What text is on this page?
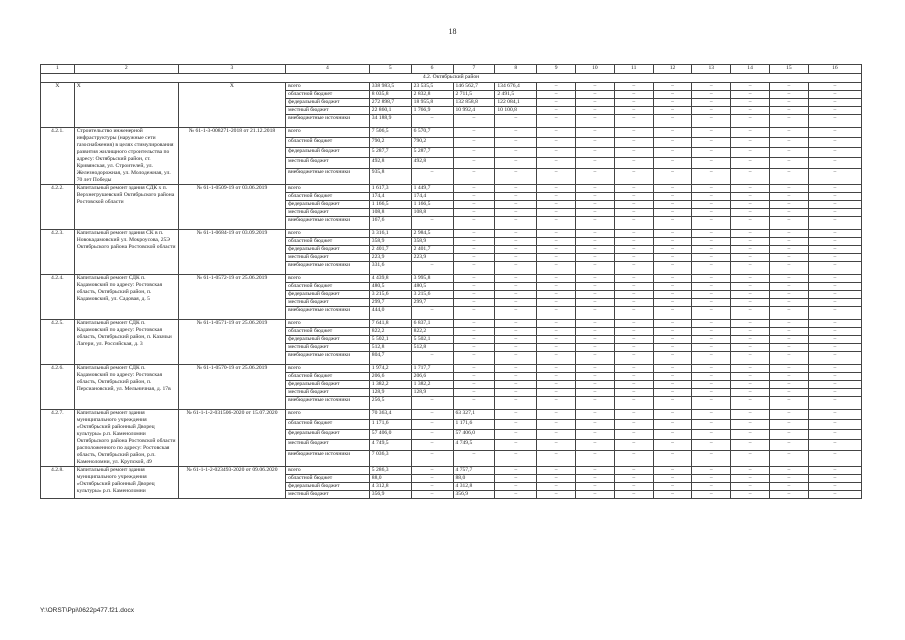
18
1	2	3	4	5	6	7	8	9	10	11	12	13	14	15	16
4.2. Октябрьский район															
Х	Х	Х	всего	338 983,5	23 535,5	146 562,7	134 676,4	–	–	–	–	–	–	–	–
			областной бюджет	8 035,8	2 832,8	2 711,5	2 491,5	–	–	–	–	–	–	–	–
			федеральный бюджет	272 898,7	18 955,8	132 858,8	122 084,1	–	–	–	–	–	–	–	–
			местный бюджет	22 860,1	1 766,9	10 992,4	10 100,8	–	–	–	–	–	–	–	–
			внебюджетные источники	34 188,9	–	–	–	–	–	–	–	–	–	–	–
4.2.1.	Строительство инженерной инфраструктуры (наружные сети газоснабжения) в целях стимулирования развития жилищного строительства по адресу: Октябрьский район, ст. Кривянская, ул. Строителей, ул. Железнодорожная, ул. Молодежная, ул. 70 лет Победы	№ 61-1-3-008271-2018 от 21.12.2018	всего	7 506,5	6 570,7	–	–	–	–	–	–	–	–	–	–
			областной бюджет	790,2	790,2	–	–	–	–	–	–	–	–	–	–
			федеральный бюджет	5 287,7	5 287,7	–	–	–	–	–	–	–	–	–	–
			местный бюджет	492,8	492,8	–	–	–	–	–	–	–	–	–	–
			внебюджетные источники	935,8	–	–	–	–	–	–	–	–	–	–	–
4.2.2.	Капитальный ремонт здания СДК х п. Верхнегрушевский Октябрьского района Ростовской области	№ 61-1-0509-19 от 03.06.2019	всего	1 617,3	1 449,7	–	–	–	–	–	–	–	–	–	–
			областной бюджет	174,4	174,4	–	–	–	–	–	–	–	–	–	–
			федеральный бюджет	1 166,5	1 166,5	–	–	–	–	–	–	–	–	–	–
			местный бюджет	108,8	108,8	–	–	–	–	–	–	–	–	–	–
			внебюджетные источники	167,6	–	–	–	–	–	–	–	–	–	–	–
4.2.3.	Капитальный ремонт здания СК в п. Новокадамовский ул. Мокроусова, 25Э Октябрьского района Ростовской области	№ 61-1-0684-19 от 03.09.2019	всего	3 316,1	2 984,5	–	–	–	–	–	–	–	–	–	–
			областной бюджет	358,9	358,9	–	–	–	–	–	–	–	–	–	–
			федеральный бюджет	2 401,7	2 401,7	–	–	–	–	–	–	–	–	–	–
			местный бюджет	223,9	223,9	–	–	–	–	–	–	–	–	–	–
			внебюджетные источники	331,6	–	–	–	–	–	–	–	–	–	–	–
4.2.4.	Капитальный ремонт СДК п. Кадамовский по адресу: Ростовская область, Октябрьский район, п. Кадамовский, ул. Садовая, д. 5	№ 61-1-0572-19 от 25.06.2019	всего	4 439,8	3 995,8	–	–	–	–	–	–	–	–	–	–
			областной бюджет	480,5	480,5	–	–	–	–	–	–	–	–	–	–
			федеральный бюджет	3 215,6	3 215,6	–	–	–	–	–	–	–	–	–	–
			местный бюджет	299,7	299,7	–	–	–	–	–	–	–	–	–	–
			внебюджетные источники	444,0	–	–	–	–	–	–	–	–	–	–	–
4.2.5.	Капитальный ремонт СДК п. Кадамовский по адресу: Ростовская область, Октябрьский район, п. Казачьи Лагери, ул. Российская, д. 3	№ 61-1-0571-19 от 25.06.2019	всего	7 641,8	6 837,1	–	–	–	–	–	–	–	–	–	–
			областной бюджет	822,2	822,2	–	–	–	–	–	–	–	–	–	–
			федеральный бюджет	5 502,1	5 502,1	–	–	–	–	–	–	–	–	–	–
			местный бюджет	512,8	512,8	–	–	–	–	–	–	–	–	–	–
			внебюджетные источники	804,7	–	–	–	–	–	–	–	–	–	–	–
4.2.6.	Капитальный ремонт СДК п. Кадамовский по адресу: Ростовская область, Октябрьский район, п. Персиановский, ул. Мельничная, д. 17в	№ 61-1-0570-19 от 25.06.2019	всего	1 974,2	1 717,7	–	–	–	–	–	–	–	–	–	–
			областной бюджет	206,6	206,6	–	–	–	–	–	–	–	–	–	–
			федеральный бюджет	1 382,2	1 382,2	–	–	–	–	–	–	–	–	–	–
			местный бюджет	128,9	128,9	–	–	–	–	–	–	–	–	–	–
			внебюджетные источники	256,5	–	–	–	–	–	–	–	–	–	–	–
4.2.7.	Капитальный ремонт здания муниципального учреждения «Октябрьский районный Дворец культуры» р.п. Каменоломни Октябрьского района Ростовской области расположенного по адресу: Ростовская область, Октябрьский район, р.п. Каменоломни, ул. Крупской, 49	№ 61-1-1-2-031506-2020 от 15.07.2020	всего	70 363,4	–	63 327,1	–	–	–	–	–	–	–	–	–
			областной бюджет	1 171,6	–	1 171,6	–	–	–	–	–	–	–	–	–
			федеральный бюджет	57 406,0	–	57 406,0	–	–	–	–	–	–	–	–	–
			местный бюджет	4 749,5	–	4 749,5	–	–	–	–	–	–	–	–	–
			внебюджетные источники	7 036,3	–	–	–	–	–	–	–	–	–	–	–
4.2.8.	Капитальный ремонт здания муниципального учреждения «Октябрьский районный Дворец культуры» р.п. Каменоломни	№ 61-1-1-2-023493-2020 от 09.06.2020	всего	5 286,3	–	4 757,7	–	–	–	–	–	–	–	–	–
			областной бюджет	88,0	–	88,0	–	–	–	–	–	–	–	–	–
			федеральный бюджет	4 312,8	–	4 312,8	–	–	–	–	–	–	–	–	–
			местный бюджет	356,9	–	356,9	–	–	–	–	–	–	–	–	–
Y:\ORST\Ppi\0622p477.f21.docx
